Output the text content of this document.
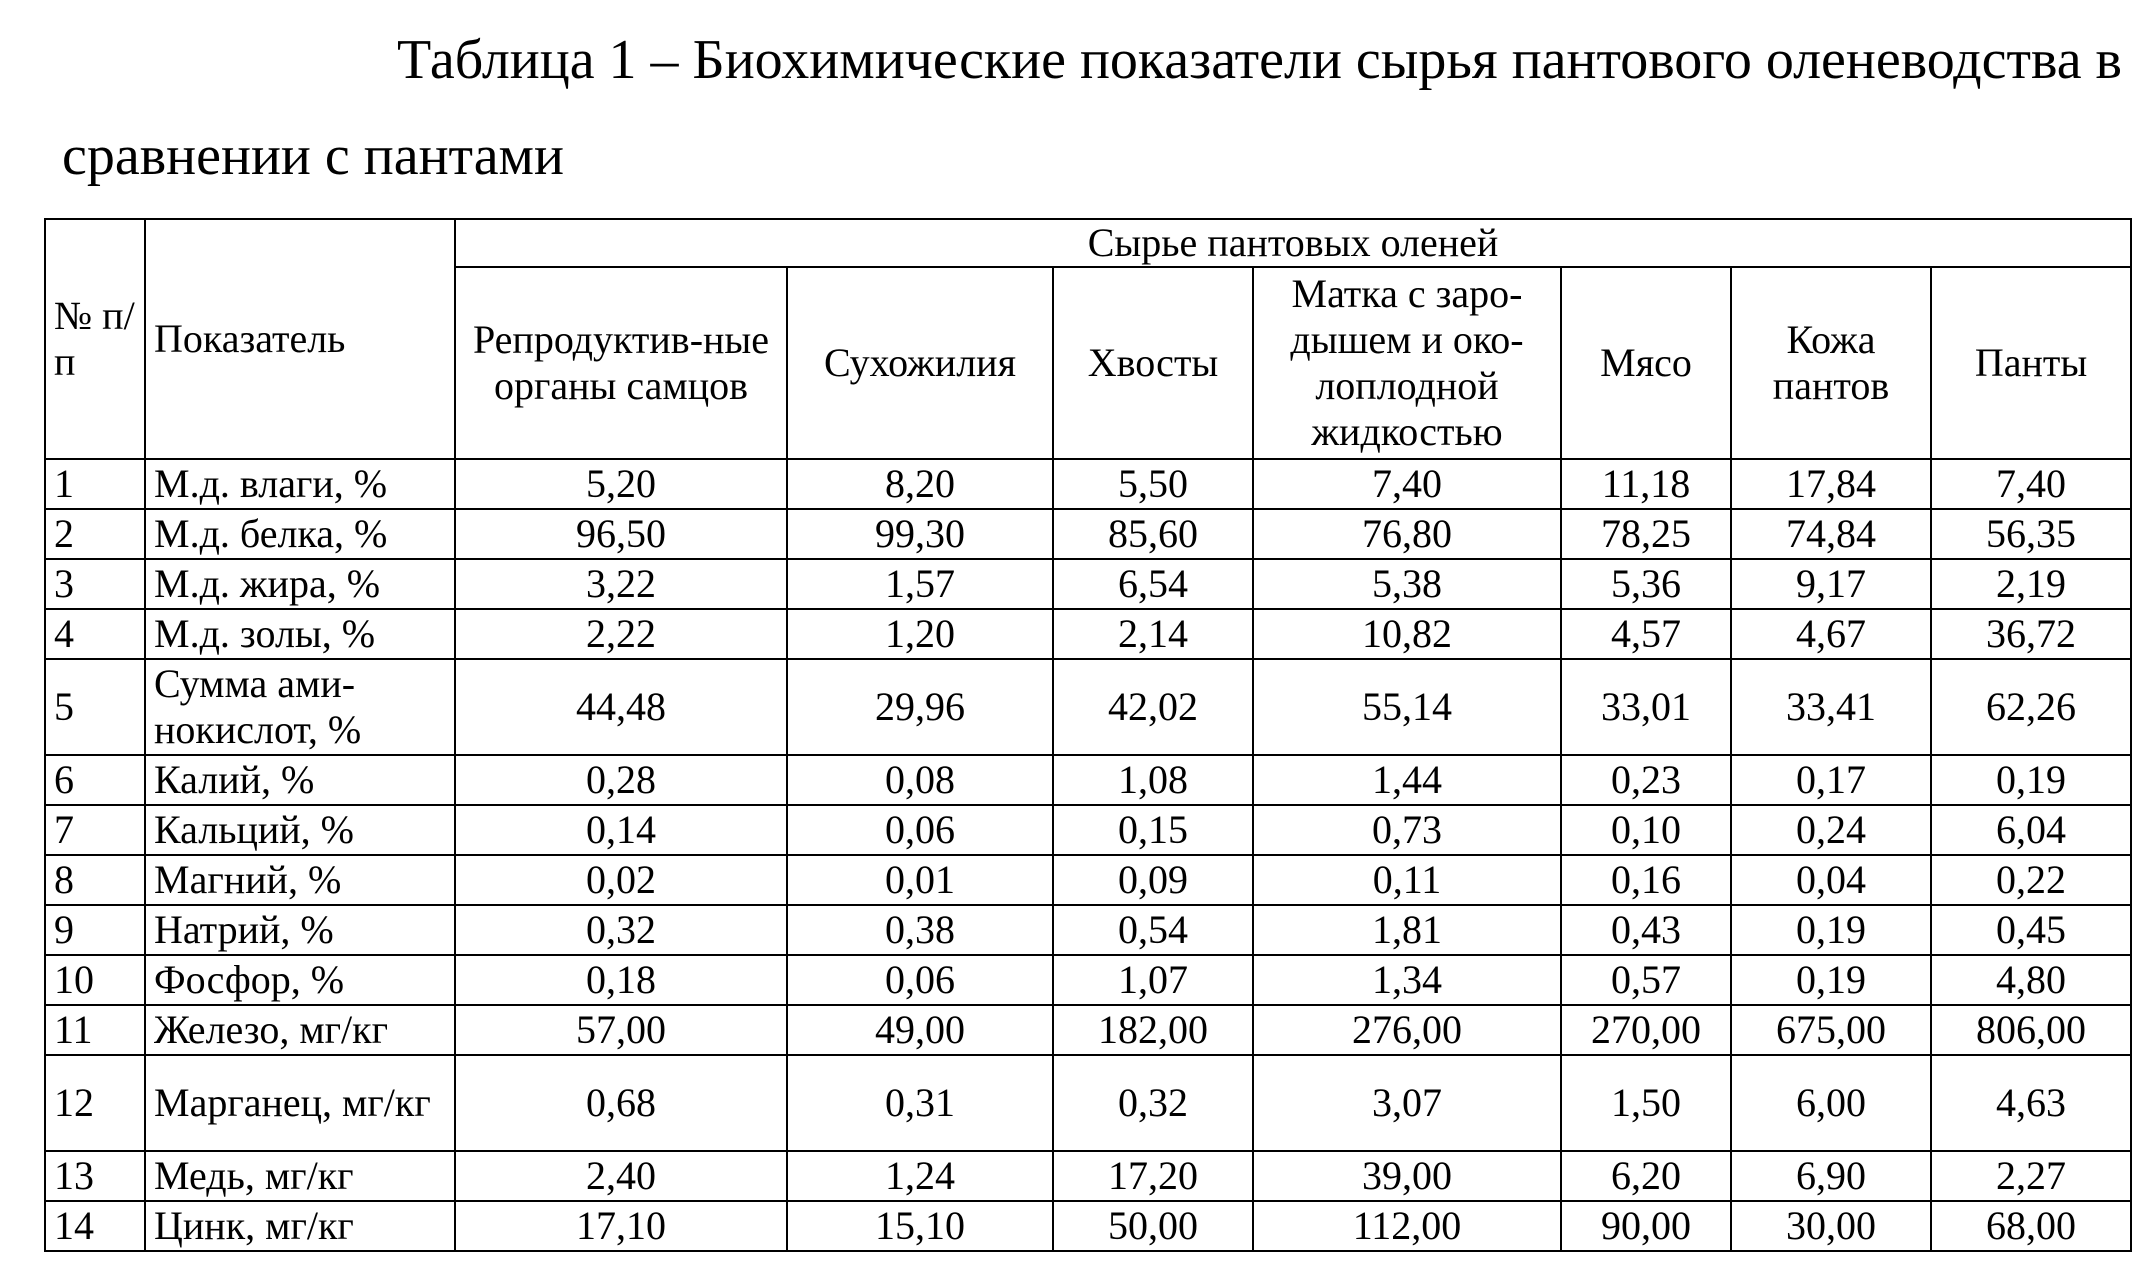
Таблица 1 – Биохимические показатели сырья пантового оленеводства в
сравнении с пантами
№ п/п	Показатель	Сырье пантовых оленей						
		Репродуктив-ные органы самцов	Сухожилия	Хвосты	Матка с заро-дышем и око-лоплодной жидкостью	Мясо	Кожа пантов	Панты
1	М.д. влаги, %	5,20	8,20	5,50	7,40	11,18	17,84	7,40
2	М.д. белка, %	96,50	99,30	85,60	76,80	78,25	74,84	56,35
3	М.д. жира, %	3,22	1,57	6,54	5,38	5,36	9,17	2,19
4	М.д. золы, %	2,22	1,20	2,14	10,82	4,57	4,67	36,72
5	Сумма ами-нокислот, %	44,48	29,96	42,02	55,14	33,01	33,41	62,26
6	Калий, %	0,28	0,08	1,08	1,44	0,23	0,17	0,19
7	Кальций, %	0,14	0,06	0,15	0,73	0,10	0,24	6,04
8	Магний, %	0,02	0,01	0,09	0,11	0,16	0,04	0,22
9	Натрий, %	0,32	0,38	0,54	1,81	0,43	0,19	0,45
10	Фосфор, %	0,18	0,06	1,07	1,34	0,57	0,19	4,80
11	Железо, мг/кг	57,00	49,00	182,00	276,00	270,00	675,00	806,00
12	Марганец, мг/кг	0,68	0,31	0,32	3,07	1,50	6,00	4,63
13	Медь, мг/кг	2,40	1,24	17,20	39,00	6,20	6,90	2,27
14	Цинк, мг/кг	17,10	15,10	50,00	112,00	90,00	30,00	68,00
